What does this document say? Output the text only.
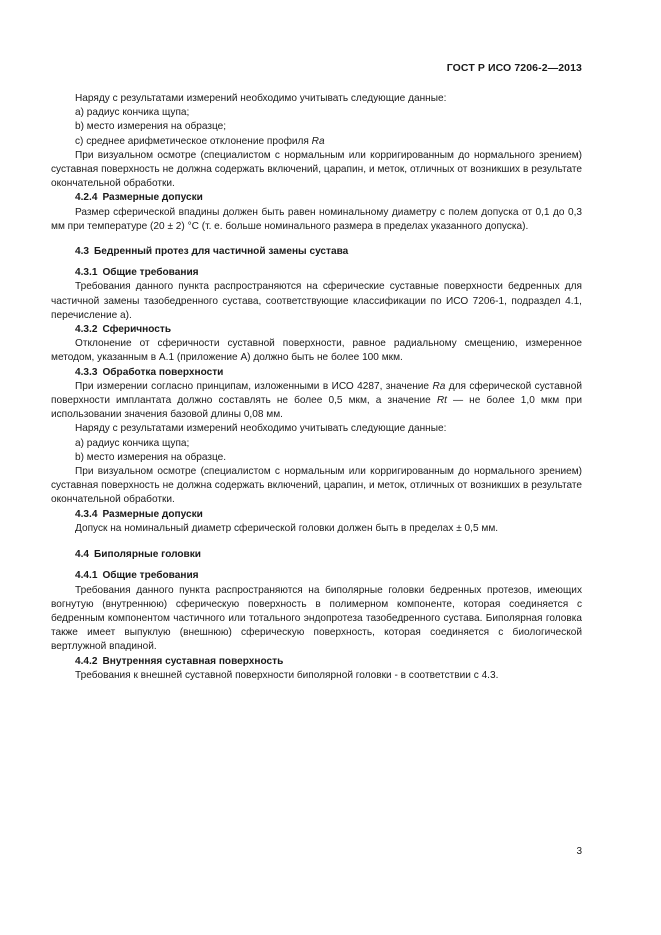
ГОСТ Р ИСО 7206-2—2013

Наряду с результатами измерений необходимо учитывать следующие данные:

a) радиус кончика щупа;

b) место измерения на образце;

c) среднее арифметическое отклонение профиля Ra

При визуальном осмотре (специалистом с нормальным или корригированным до нормального зрением) суставная поверхность не должна содержать включений, царапин, и меток, отличных от возникших в результате окончательной обработки.

4.2.4 Размерные допуски

Размер сферической впадины должен быть равен номинальному диаметру с полем допуска от 0,1 до 0,3 мм при температуре (20 ± 2) °С (т. е. больше номинального размера в пределах указанного допуска).

4.3 Бедренный протез для частичной замены сустава

4.3.1 Общие требования

Требования данного пункта распространяются на сферические суставные поверхности бедренных для частичной замены тазобедренного сустава, соответствующие классификации по ИСО 7206-1, подраздел 4.1, перечисление а).

4.3.2 Сферичность

Отклонение от сферичности суставной поверхности, равное радиальному смещению, измеренное методом, указанным в А.1 (приложение А) должно быть не более 100 мкм.

4.3.3 Обработка поверхности

При измерении согласно принципам, изложенными в ИСО 4287, значение Ra для сферической суставной поверхности имплантата должно составлять не более 0,5 мкм, а значение Rt — не более 1,0 мкм при использовании значения базовой длины 0,08 мм.

Наряду с результатами измерений необходимо учитывать следующие данные:

a) радиус кончика щупа;

b) место измерения на образце.

При визуальном осмотре (специалистом с нормальным или корригированным до нормального зрением) суставная поверхность не должна содержать включений, царапин, и меток, отличных от возникших в результате окончательной обработки.

4.3.4 Размерные допуски

Допуск на номинальный диаметр сферической головки должен быть в пределах ± 0,5 мм.

4.4 Биполярные головки

4.4.1 Общие требования

Требования данного пункта распространяются на биполярные головки бедренных протезов, имеющих вогнутую (внутреннюю) сферическую поверхность в полимерном компоненте, которая соединяется с бедренным компонентом частичного или тотального эндопротеза тазобедренного сустава. Биполярная головка также имеет выпуклую (внешнюю) сферическую поверхность, которая соединяется с биологической вертлужной впадиной.

4.4.2 Внутренняя суставная поверхность

Требования к внешней суставной поверхности биполярной головки - в соответствии с 4.3.

3
